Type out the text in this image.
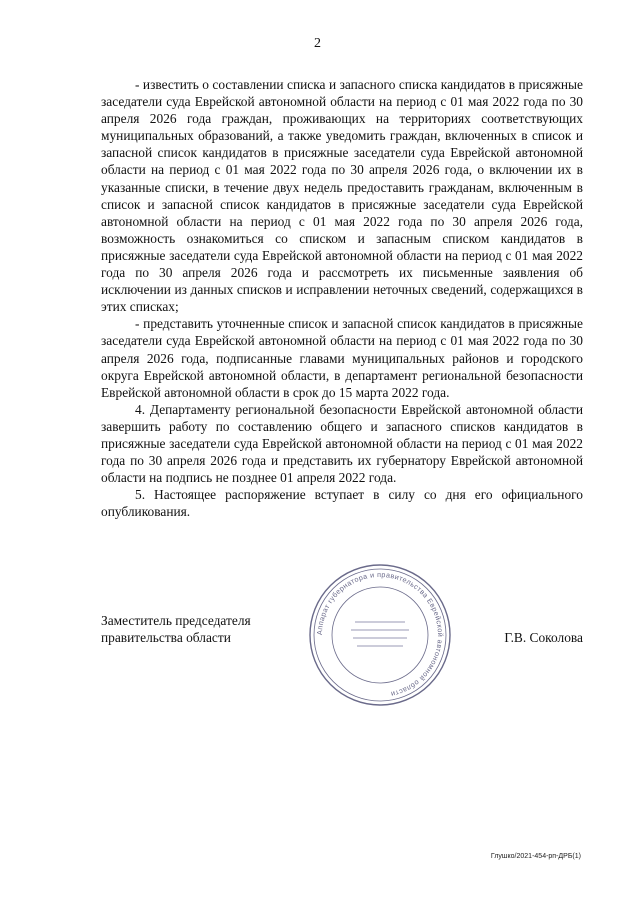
2

- известить о составлении списка и запасного списка кандидатов в присяжные заседатели суда Еврейской автономной области на период с 01 мая 2022 года по 30 апреля 2026 года граждан, проживающих на территориях соответствующих муниципальных образований, а также уведомить граждан, включенных в список и запасной список кандидатов в присяжные заседатели суда Еврейской автономной области на период с 01 мая 2022 года по 30 апреля 2026 года, о включении их в указанные списки, в течение двух недель предоставить гражданам, включенным в список и запасной список кандидатов в присяжные заседатели суда Еврейской автономной области на период с 01 мая 2022 года по 30 апреля 2026 года, возможность ознакомиться со списком и запасным списком кандидатов в присяжные заседатели суда Еврейской автономной области на период с 01 мая 2022 года по 30 апреля 2026 года и рассмотреть их письменные заявления об исключении из данных списков и исправлении неточных сведений, содержащихся в этих списках;

- представить уточненные список и запасной список кандидатов в присяжные заседатели суда Еврейской автономной области на период с 01 мая 2022 года по 30 апреля 2026 года, подписанные главами муниципальных районов и городского округа Еврейской автономной области, в департамент региональной безопасности Еврейской автономной области в срок до 15 марта 2022 года.

4. Департаменту региональной безопасности Еврейской автономной области завершить работу по составлению общего и запасного списков кандидатов в присяжные заседатели суда Еврейской автономной области на период с 01 мая 2022 года по 30 апреля 2026 года и представить их губернатору Еврейской автономной области на подпись не позднее 01 апреля 2022 года.

5. Настоящее распоряжение вступает в силу со дня его официального опубликования.

Аппарат губернатора и правительства Еврейской автономной области
Заместитель председателя
правительства области	Г.В. Соколова
Глушко/2021-454-рп-ДРБ(1)
